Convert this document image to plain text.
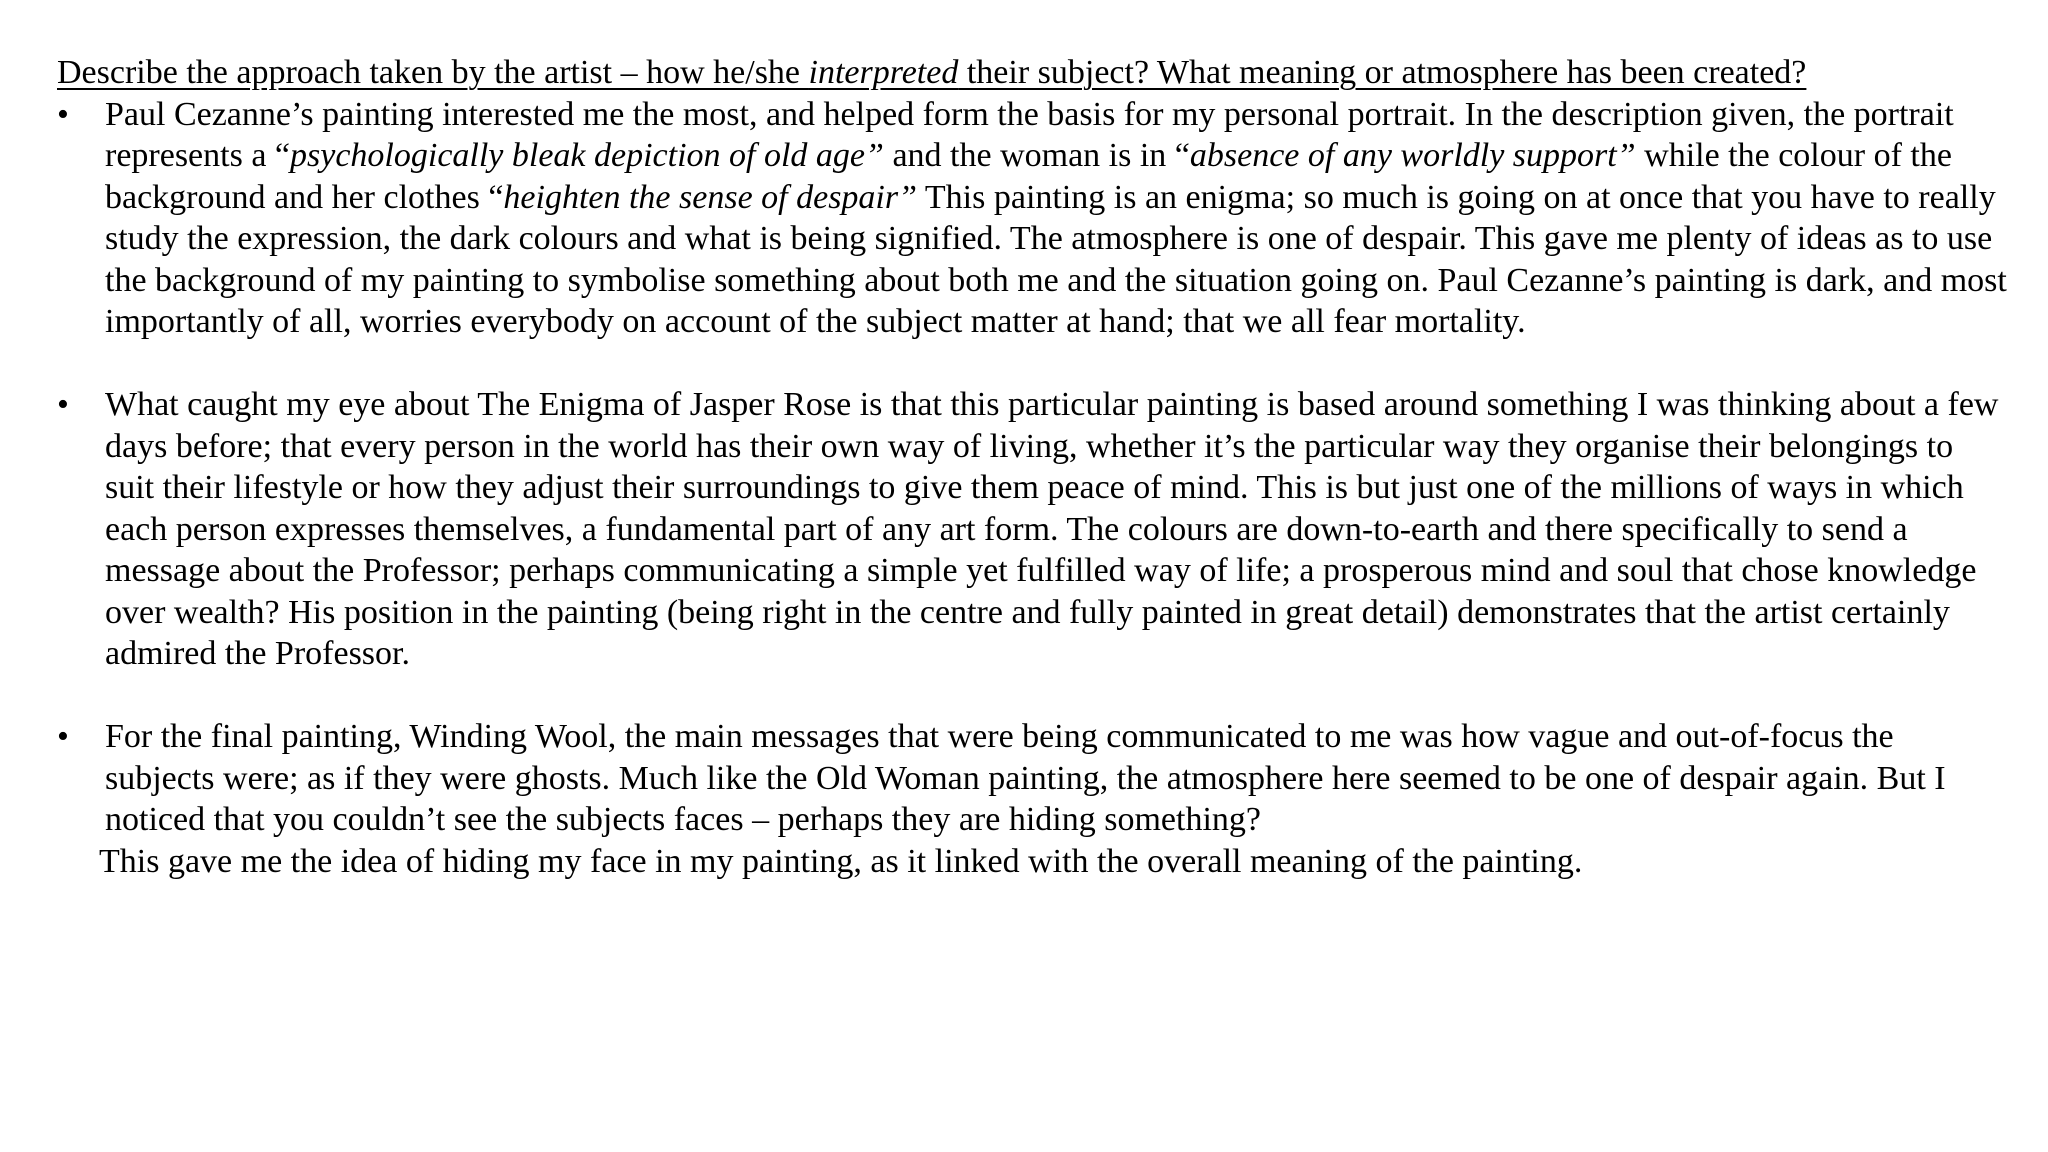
Describe the approach taken by the artist – how he/she interpreted their subject? What meaning or atmosphere has been created?

• Paul Cezanne’s painting interested me the most, and helped form the basis for my personal portrait. In the description given, the portrait represents a “psychologically bleak depiction of old age” and the woman is in “absence of any worldly support” while the colour of the background and her clothes “heighten the sense of despair” This painting is an enigma; so much is going on at once that you have to really study the expression, the dark colours and what is being signified. The atmosphere is one of despair. This gave me plenty of ideas as to use the background of my painting to symbolise something about both me and the situation going on. Paul Cezanne’s painting is dark, and most importantly of all, worries everybody on account of the subject matter at hand; that we all fear mortality.
• What caught my eye about The Enigma of Jasper Rose is that this particular painting is based around something I was thinking about a few days before; that every person in the world has their own way of living, whether it’s the particular way they organise their belongings to suit their lifestyle or how they adjust their surroundings to give them peace of mind. This is but just one of the millions of ways in which each person expresses themselves, a fundamental part of any art form. The colours are down-to-earth and there specifically to send a message about the Professor; perhaps communicating a simple yet fulfilled way of life; a prosperous mind and soul that chose knowledge over wealth? His position in the painting (being right in the centre and fully painted in great detail) demonstrates that the artist certainly admired the Professor.
• For the final painting, Winding Wool, the main messages that were being communicated to me was how vague and out-of-focus the subjects were; as if they were ghosts. Much like the Old Woman painting, the atmosphere here seemed to be one of despair again. But I noticed that you couldn’t see the subjects faces – perhaps they are hiding something?
This gave me the idea of hiding my face in my painting, as it linked with the overall meaning of the painting.
